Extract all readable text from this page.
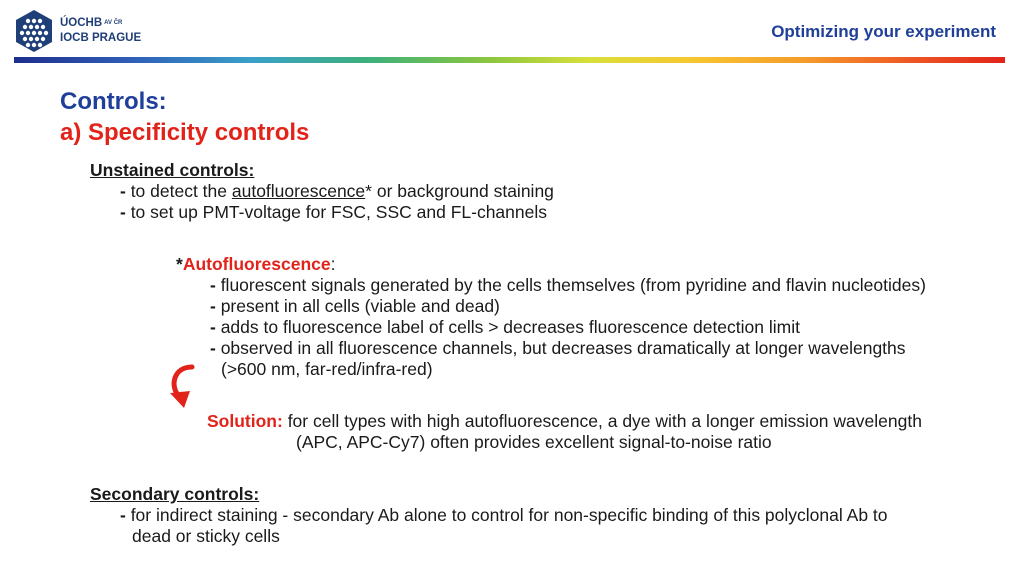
ÚOCHB AV ČR
IOCB PRAGUE	Optimizing your experiment
Controls:
a) Specificity controls
Unstained controls:
- to detect the autofluorescence* or background staining
- to set up PMT-voltage for FSC, SSC and FL-channels
*Autofluorescence:
- fluorescent signals generated by the cells themselves (from pyridine and flavin nucleotides)
- present in all cells (viable and dead)
- adds to fluorescence label of cells > decreases fluorescence detection limit
- observed in all fluorescence channels, but decreases dramatically at longer wavelengths
(>600 nm, far-red/infra-red)
Solution: for cell types with high autofluorescence, a dye with a longer emission wavelength
(APC, APC-Cy7) often provides excellent signal-to-noise ratio
Secondary controls:
- for indirect staining - secondary Ab alone to control for non-specific binding of this polyclonal Ab to
dead or sticky cells
